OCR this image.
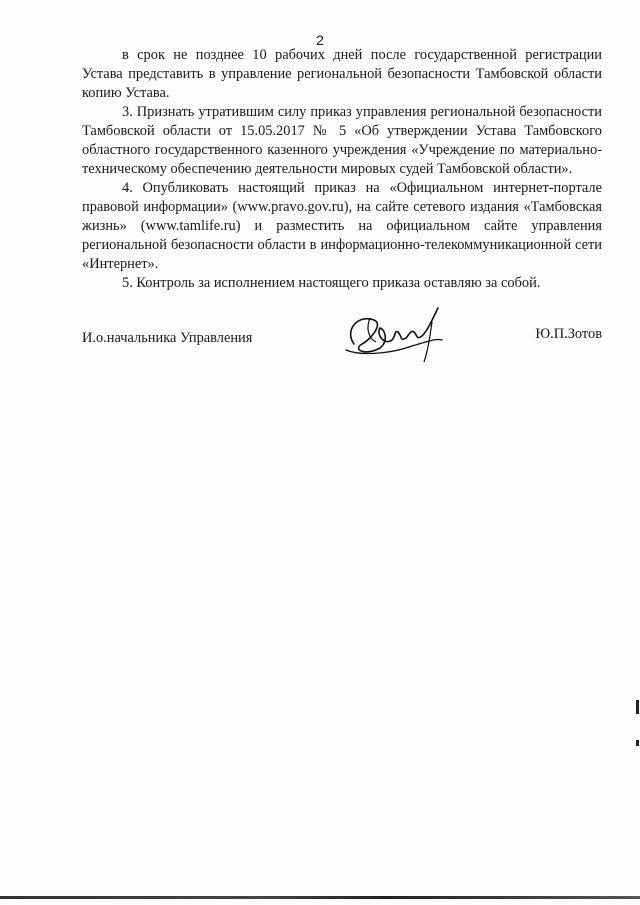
2

в срок не позднее 10 рабочих дней после государственной регистрации Устава представить в управление региональной безопасности Тамбовской области копию Устава.

3. Признать утратившим силу приказ управления региональной безопасности Тамбовской области от 15.05.2017 № 5 «Об утверждении Устава Тамбовского областного государственного казенного учреждения «Учреждение по материально-техническому обеспечению деятельности мировых судей Тамбовской области».

4. Опубликовать настоящий приказ на «Официальном интернет-портале правовой информации» (www.pravo.gov.ru), на сайте сетевого издания «Тамбовская жизнь» (www.tamlife.ru) и разместить на официальном сайте управления региональной безопасности области в информационно-телекоммуникационной сети «Интернет».

5. Контроль за исполнением настоящего приказа оставляю за собой.

И.о.начальника Управления	Ю.П.Зотов
